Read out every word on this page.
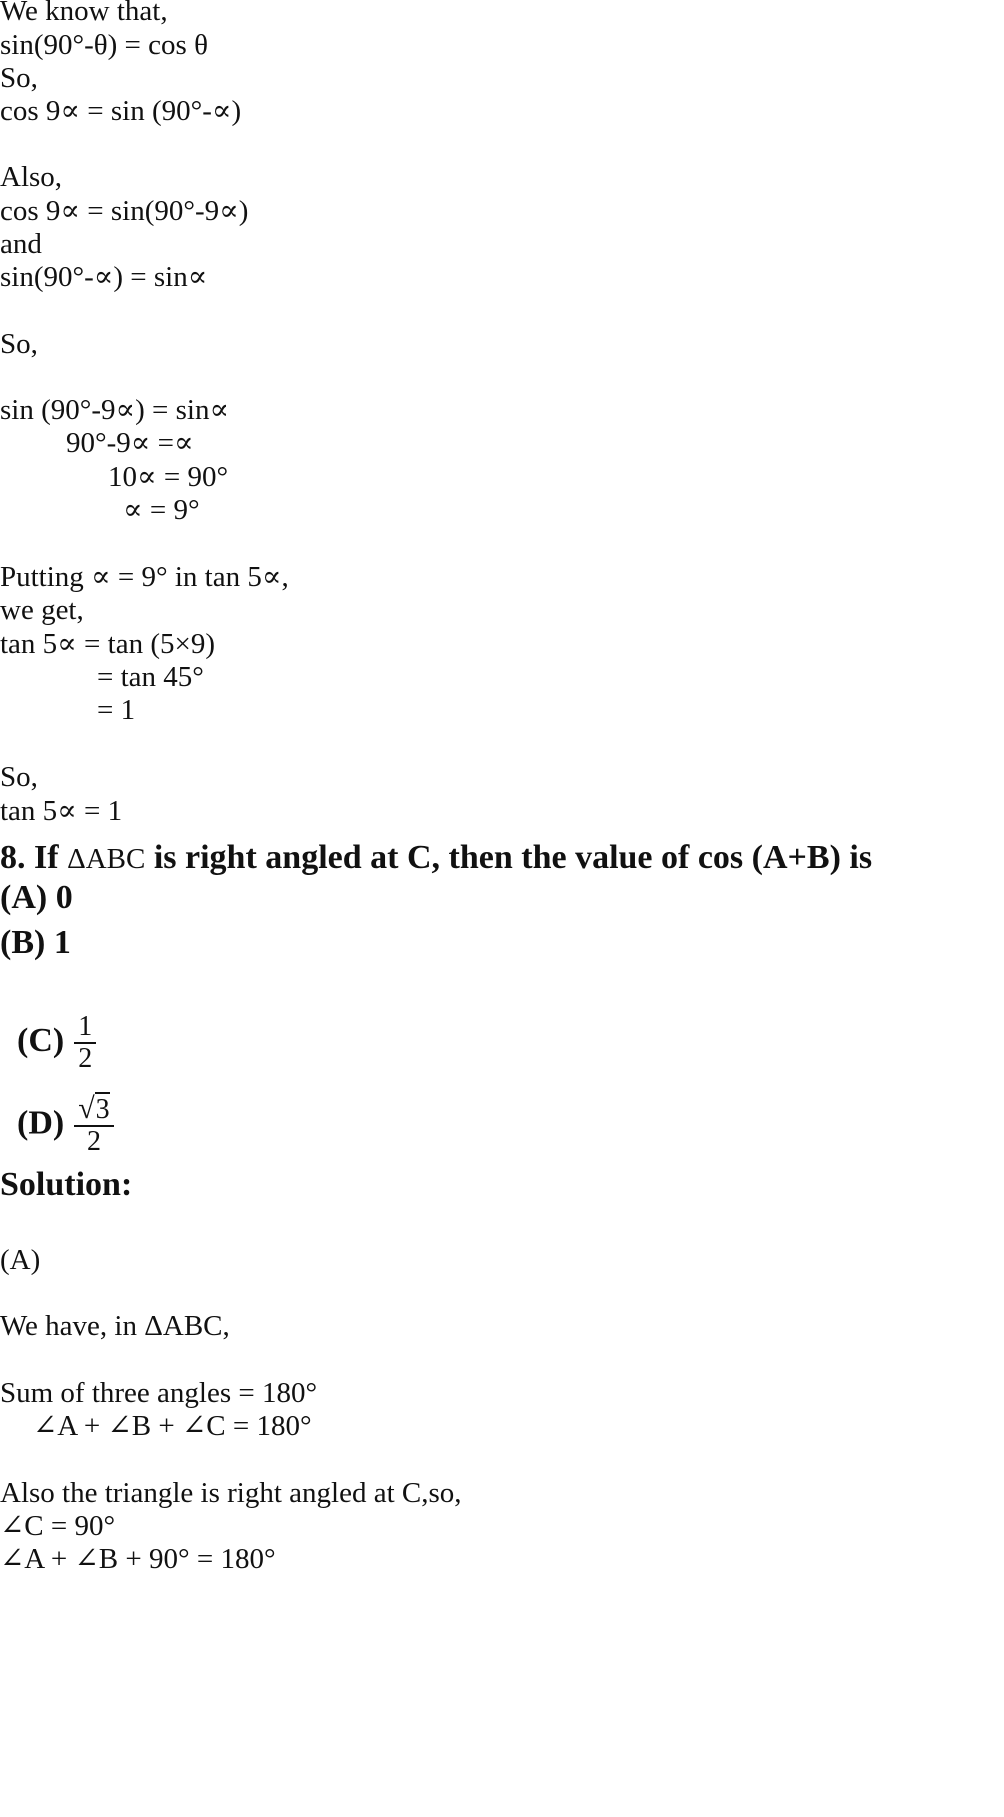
We know that,
sin(90°-θ) = cos θ
So,
cos 9∝ = sin (90°-∝)
Also,
cos 9∝ = sin(90°-9∝)
and
sin(90°-∝) = sin∝
So,
sin (90°-9∝) = sin∝
90°-9∝ =∝
10∝ = 90°
∝ = 9°
Putting ∝ = 9° in tan 5∝,
we get,
tan 5∝ = tan (5×9)
= tan 45°
= 1
So,
tan 5∝ = 1
8. If ΔABC is right angled at C, then the value of cos (A+B) is
(A) 0
(B) 1

$(C) \frac{1}{2}$

$(D) \frac{√3}{2}$

Solution:
(A)
We have, in ΔABC,
Sum of three angles = 180°
∠A + ∠B + ∠C = 180°
Also the triangle is right angled at C,so,
∠C = 90°
∠A + ∠B + 90° = 180°
